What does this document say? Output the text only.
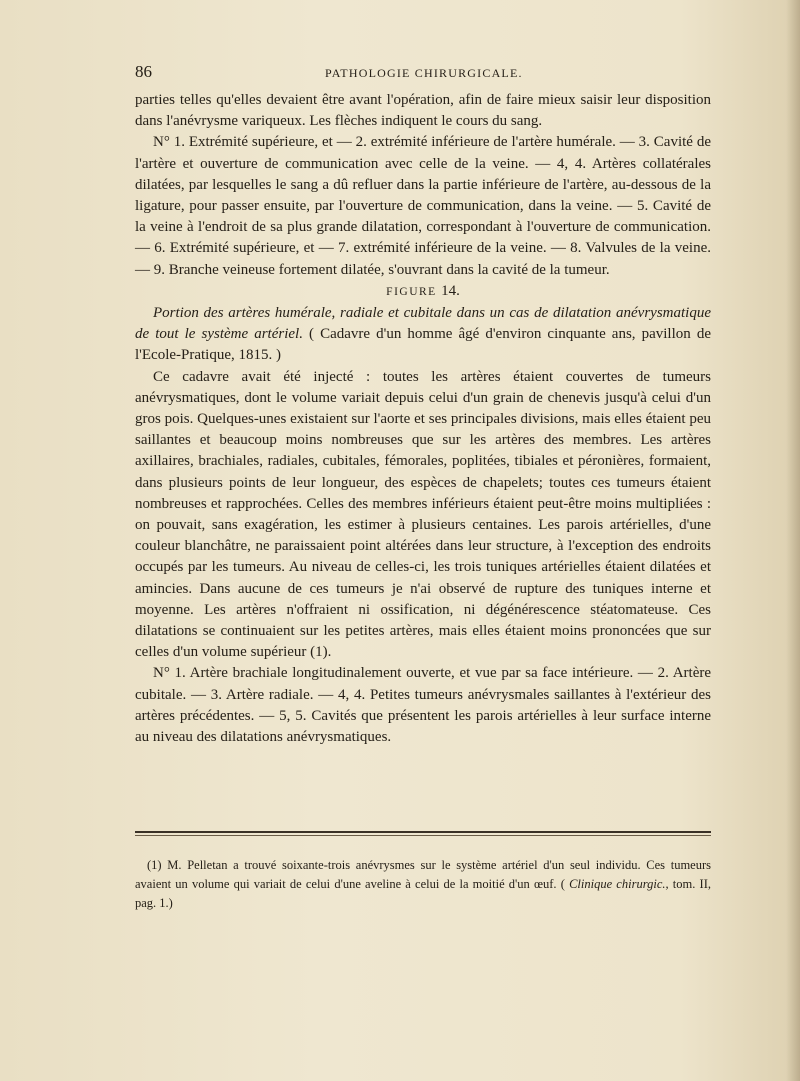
86	PATHOLOGIE CHIRURGICALE.

parties telles qu'elles devaient être avant l'opération, afin de faire mieux saisir leur disposition dans l'anévrysme variqueux. Les flèches indiquent le cours du sang.

N° 1. Extrémité supérieure, et — 2. extrémité inférieure de l'artère humérale. — 3. Cavité de l'artère et ouverture de communication avec celle de la veine. — 4, 4. Artères collatérales dilatées, par lesquelles le sang a dû refluer dans la partie inférieure de l'artère, au-dessous de la ligature, pour passer ensuite, par l'ouverture de communication, dans la veine. — 5. Cavité de la veine à l'endroit de sa plus grande dilatation, correspondant à l'ouverture de communication. — 6. Extrémité supérieure, et — 7. extrémité inférieure de la veine. — 8. Valvules de la veine. — 9. Branche veineuse fortement dilatée, s'ouvrant dans la cavité de la tumeur.

FIGURE 14.

Portion des artères humérale, radiale et cubitale dans un cas de dilatation anévrysmatique de tout le système artériel. ( Cadavre d'un homme âgé d'environ cinquante ans, pavillon de l'Ecole-Pratique, 1815. )

Ce cadavre avait été injecté : toutes les artères étaient couvertes de tumeurs anévrysmatiques, dont le volume variait depuis celui d'un grain de chenevis jusqu'à celui d'un gros pois. Quelques-unes existaient sur l'aorte et ses principales divisions, mais elles étaient peu saillantes et beaucoup moins nombreuses que sur les artères des membres. Les artères axillaires, brachiales, radiales, cubitales, fémorales, poplitées, tibiales et péronières, formaient, dans plusieurs points de leur longueur, des espèces de chapelets; toutes ces tumeurs étaient nombreuses et rapprochées. Celles des membres inférieurs étaient peut-être moins multipliées : on pouvait, sans exagération, les estimer à plusieurs centaines. Les parois artérielles, d'une couleur blanchâtre, ne paraissaient point altérées dans leur structure, à l'exception des endroits occupés par les tumeurs. Au niveau de celles-ci, les trois tuniques artérielles étaient dilatées et amincies. Dans aucune de ces tumeurs je n'ai observé de rupture des tuniques interne et moyenne. Les artères n'offraient ni ossification, ni dégénérescence stéatomateuse. Ces dilatations se continuaient sur les petites artères, mais elles étaient moins prononcées que sur celles d'un volume supérieur (1).

N° 1. Artère brachiale longitudinalement ouverte, et vue par sa face intérieure. — 2. Artère cubitale. — 3. Artère radiale. — 4, 4. Petites tumeurs anévrysmales saillantes à l'extérieur des artères précédentes. — 5, 5. Cavités que présentent les parois artérielles à leur surface interne au niveau des dilatations anévrysmatiques.

(1) M. Pelletan a trouvé soixante-trois anévrysmes sur le système artériel d'un seul individu. Ces tumeurs avaient un volume qui variait de celui d'une aveline à celui de la moitié d'un œuf. ( Clinique chirurgic., tom. II, pag. 1.)
